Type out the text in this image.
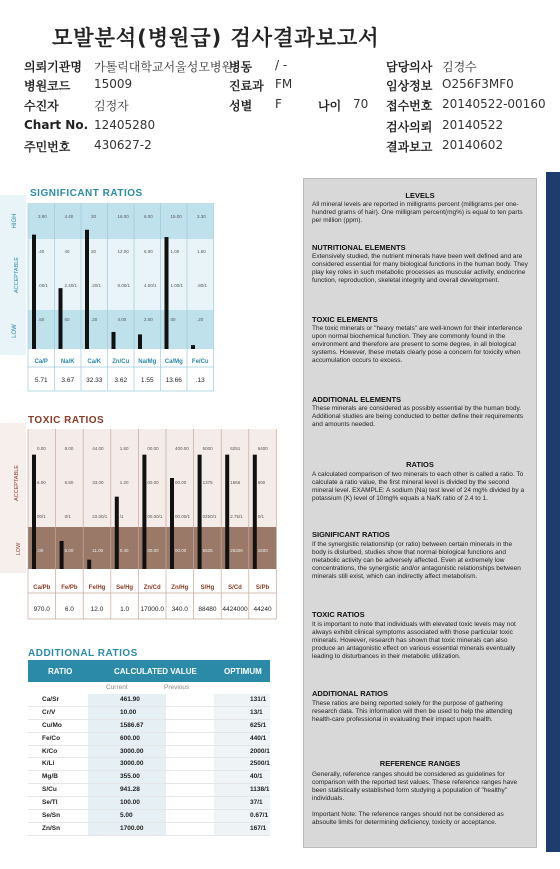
모발분석(병원급) 검사결과보고서
의뢰기관명 가톨릭대학교서울성모병원
병원코드 15009
수진자	김정자
Chart No. 12405280
주민번호 430627-2
병동 / -
진료과 FM
성별 F
담당의사 김경수
임상정보 O256F3MF0
접수번호 20140522-00160
검사의뢰 20140522
결과보고 20140602
나이 70
SIGNIFICANT RATIOS
HIGH
ACCEPTABLE
LOW
3.90	4.40	20	16.00	6.00	15.00	3.30
.40	40	20	12.00	6.00	1.00	1.60
.00/1	2.40/1	.20/1	8.00/1	4.00/1	1.00/1	.80/1
.50	60	.20	4.00	2.00	00	.20
Ca/P
5.71
Na/K
3.67
Ca/K
32.33
Zn/Cu
3.62
Na/Mg
1.55
Ca/Mg
13.66
Fe/Cu
.13
TOXIC RATIOS
ACCEPTABLE
LOW
0.00	8.00	44.00	1.60	00.00	400.00	5000	6251	6400
6.00	6.50	33.00	1.20	00.00	00.00	1375	1666	600
00/1	0/1	22.00/1	/1	00.00/1	00.00/1	0250/1	2.75/1	0/1
.00	5.00	11.00	0.40	00.00	00.00	5625	26326	1600
Ca/Pb
970.0
Fe/Pb
6.0
Fe/Hg
12.0
Se/Hg
1.0
Zn/Cd
17000.0
Zn/Hg
340.0
S/Hg
88480
S/Cd
4424000
S/Pb
44240
ADDITIONAL RATIOS
RATIO	CALCULATED VALUE	OPTIMUM
Current	Previous
Ca/Sr	461.90	131/1
Cr/V	10.00	13/1
Cu/Mo	1586.67	625/1
Fe/Co	600.00	440/1
K/Co	3000.00	2000/1
K/Li	3000.00	2500/1
Mg/B	355.00	40/1
S/Cu	941.28	1138/1
Se/Tl	100.00	37/1
Se/Sn	5.00	0.67/1
Zn/Sn	1700.00	167/1
LEVELS
All mineral levels are reported in milligrams percent (milligrams per one-hundred grams of hair). One milligram percent(mg%) is equal to ten parts per million (ppm).
NUTRITIONAL ELEMENTS
Extensively studied, the nutrient minerals have been well defined and are considered essential for many biological functions in the human body. They play key roles in such metabolic processes as muscular activity, endocrine function, reproduction, skeletal integrity and overall development.
TOXIC ELEMENTS
The toxic minerals or "heavy metals" are well-known for their interference upon normal biochemical function. They are commonly found in the environment and therefore are present to some degree, in all biological systems. However, these metals clearly pose a concern for toxicity when accumulation occurs to excess.
ADDITIONAL ELEMENTS
These minerals are considered as possibly essential by the human body. Additional studies are being conducted to better define their requirements and amounts needed.
RATIOS
A calculated comparison of two minerals to each other is called a ratio. To calculate a ratio value, the first mineral level is divided by the second mineral level. EXAMPLE: A sodium (Na) test level of 24 mg% divided by a potassium (K) level of 10mg% equals a Na/K ratio of 2.4 to 1.
SIGNIFICANT RATIOS
If the synergistic relationship (or ratio) between certain minerals in the body is disturbed, studies show that normal biological functions and metabolic activity can be adversely affected. Even at extremely low concentrations, the synergistic and/or antagonistic relationships between minerals still exist, which can indirectly affect metabolism.
TOXIC RATIOS
It is important to note that individuals with elevated toxic levels may not always exhibit clinical symptoms associated with those particular toxic minerals. However, research has shown that toxic minerals can also produce an antagonistic effect on various essential minerals eventually leading to disturbances in their metabolic utilization.
ADDITIONAL RATIOS
These ratios are being reported solely for the purpose of gathering research data. This information will then be used to help the attending health-care professional in evaluating their impact upon health.
REFERENCE RANGES
Generally, reference ranges should be considered as guidelines for comparison with the reported test values. These reference ranges have been statistically established form studying a population of "healthy" individuals.
Important Note: The reference ranges should not be considered as absoulte limits for determining deficiency, toxicity or acceptance.
